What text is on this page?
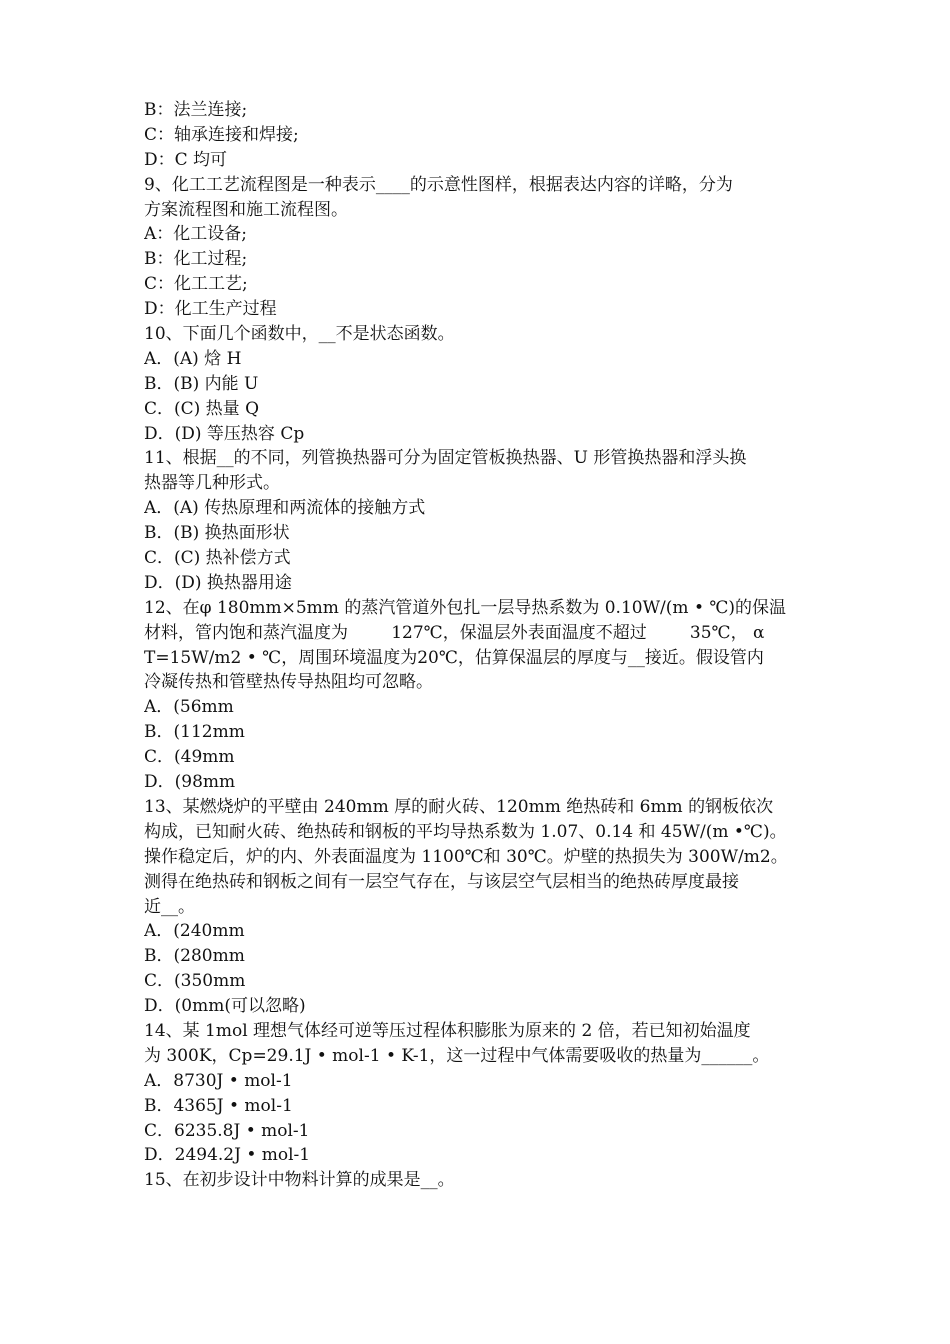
B：法兰连接;
C：轴承连接和焊接;
D：C 均可
9、化工工艺流程图是一种表示____的示意性图样，根据表达内容的详略，分为
方案流程图和施工流程图。
A：化工设备;
B：化工过程;
C：化工工艺;
D：化工生产过程
10、下面几个函数中，__不是状态函数。
A．(A) 焓 H
B．(B) 内能 U
C．(C) 热量 Q
D．(D) 等压热容 Cp
11、根据__的不同，列管换热器可分为固定管板换热器、U 形管换热器和浮头换
热器等几种形式。
A．(A) 传热原理和两流体的接触方式
B．(B) 换热面形状
C．(C) 热补偿方式
D．(D) 换热器用途
12、在φ 180mm×5mm 的蒸汽管道外包扎一层导热系数为 0.10W/(m • ℃)的保温
材料，管内饱和蒸汽温度为        127℃，保温层外表面温度不超过        35℃， α
T=15W/m2 • ℃，周围环境温度为20℃，估算保温层的厚度与__接近。假设管内
冷凝传热和管壁热传导热阻均可忽略。
A．(56mm
B．(112mm
C．(49mm
D．(98mm
13、某燃烧炉的平壁由 240mm 厚的耐火砖、120mm 绝热砖和 6mm 的钢板依次
构成，已知耐火砖、绝热砖和钢板的平均导热系数为 1.07、0.14 和 45W/(m •℃)。
操作稳定后，炉的内、外表面温度为 1100℃和 30℃。炉壁的热损失为 300W/m2。
测得在绝热砖和钢板之间有一层空气存在，与该层空气层相当的绝热砖厚度最接
近__。
A．(240mm
B．(280mm
C．(350mm
D．(0mm(可以忽略)
14、某 1mol 理想气体经可逆等压过程体积膨胀为原来的 2 倍，若已知初始温度
为 300K，Cp=29.1J • mol-1 • K-1，这一过程中气体需要吸收的热量为______。
A．8730J • mol-1
B．4365J • mol-1
C．6235.8J • mol-1
D．2494.2J • mol-1
15、在初步设计中物料计算的成果是__。
